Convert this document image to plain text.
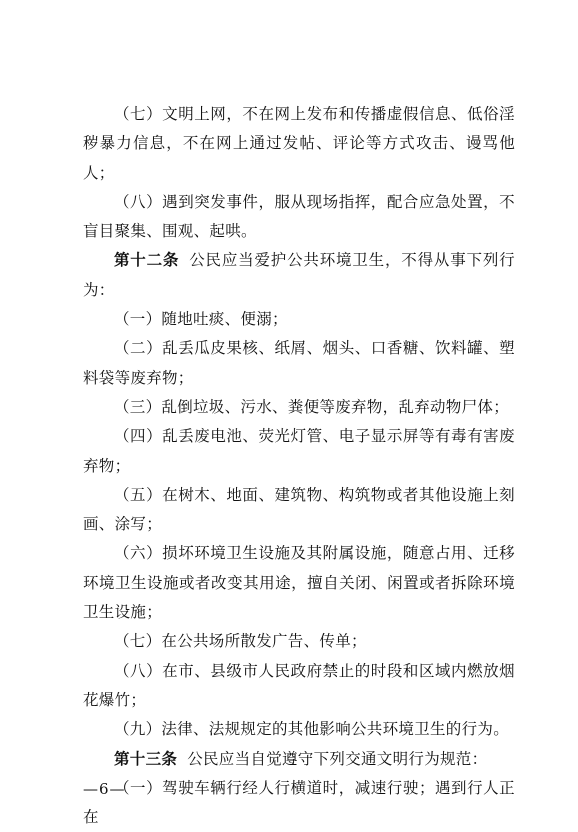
（七）文明上网，不在网上发布和传播虚假信息、低俗淫秽暴力信息，不在网上通过发帖、评论等方式攻击、谩骂他人；

（八）遇到突发事件，服从现场指挥，配合应急处置，不盲目聚集、围观、起哄。

第十二条 公民应当爱护公共环境卫生，不得从事下列行为：

（一）随地吐痰、便溺；

（二）乱丢瓜皮果核、纸屑、烟头、口香糖、饮料罐、塑料袋等废弃物；

（三）乱倒垃圾、污水、粪便等废弃物，乱弃动物尸体；

（四）乱丢废电池、荧光灯管、电子显示屏等有毒有害废弃物；

（五）在树木、地面、建筑物、构筑物或者其他设施上刻画、涂写；

（六）损坏环境卫生设施及其附属设施，随意占用、迁移环境卫生设施或者改变其用途，擅自关闭、闲置或者拆除环境卫生设施；

（七）在公共场所散发广告、传单；

（八）在市、县级市人民政府禁止的时段和区域内燃放烟花爆竹；

（九）法律、法规规定的其他影响公共环境卫生的行为。

第十三条 公民应当自觉遵守下列交通文明行为规范：

（一）驾驶车辆行经人行横道时，减速行驶；遇到行人正在

—6—
